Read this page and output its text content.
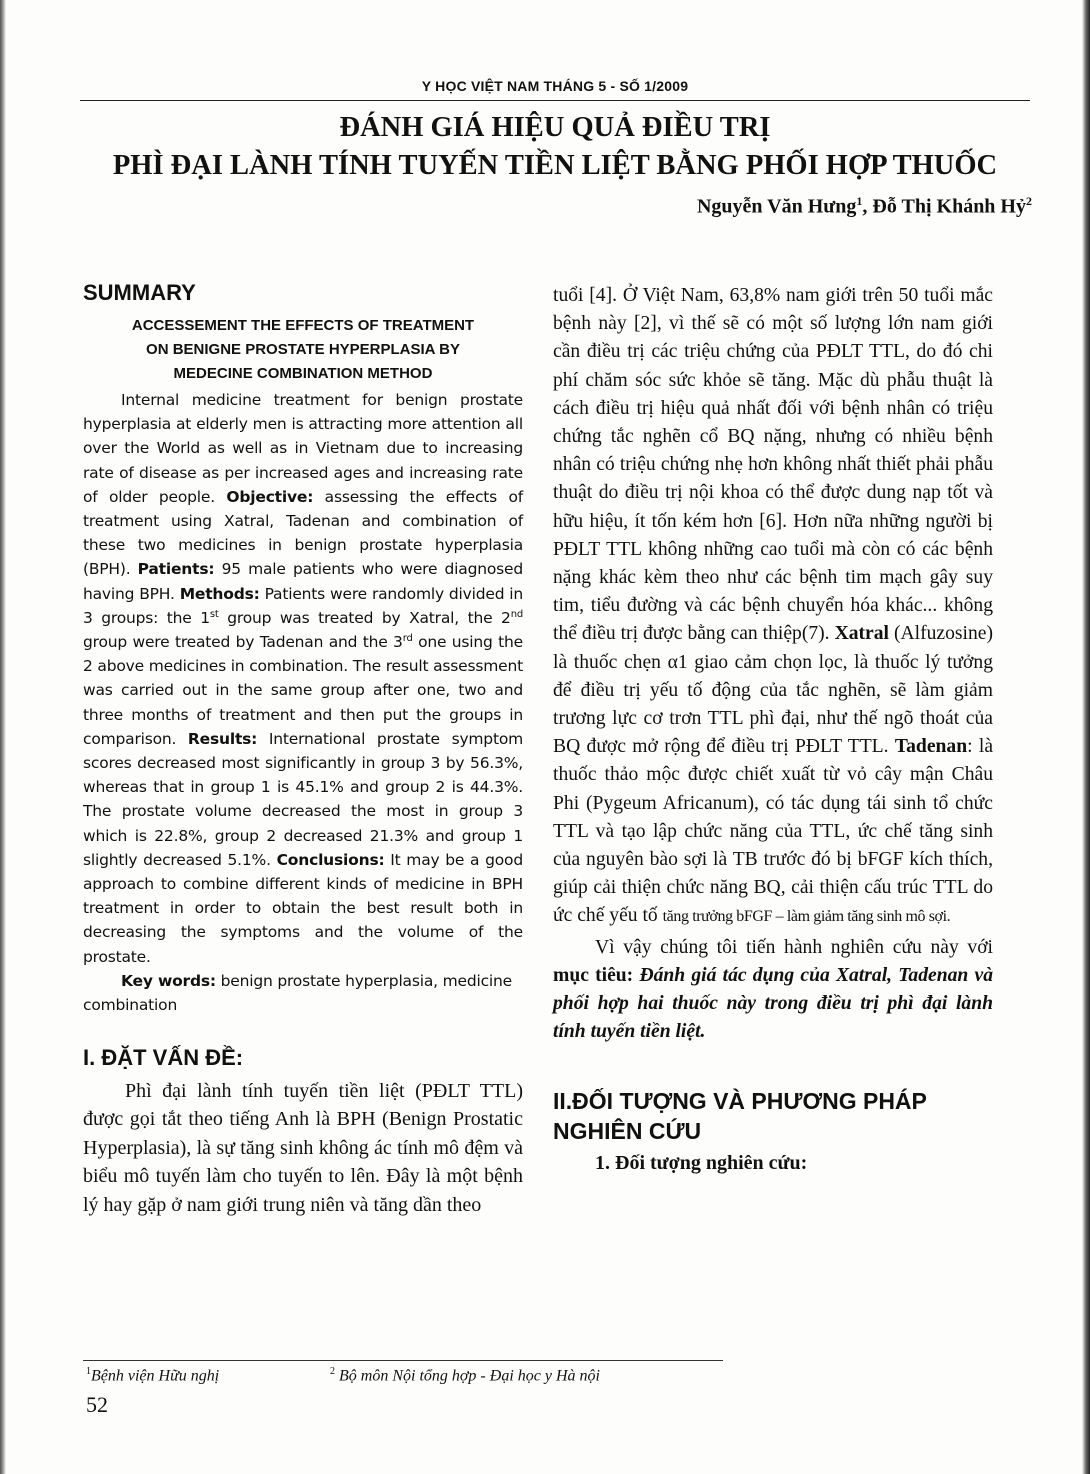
Y HỌC VIỆT NAM THÁNG 5 - SỐ 1/2009
ĐÁNH GIÁ HIỆU QUẢ ĐIỀU TRỊ
PHÌ ĐẠI LÀNH TÍNH TUYẾN TIỀN LIỆT BẰNG PHỐI HỢP THUỐC
Nguyễn Văn Hưng$^1$, Đỗ Thị Khánh Hỷ$^2$
SUMMARY
ACCESSEMENT THE EFFECTS OF TREATMENT
ON BENIGNE PROSTATE HYPERPLASIA BY
MEDECINE COMBINATION METHOD
Internal medicine treatment for benign prostate hyperplasia at elderly men is attracting more attention all over the World as well as in Vietnam due to increasing rate of disease as per increased ages and increasing rate of older people. Objective: assessing the effects of treatment using Xatral, Tadenan and combination of these two medicines in benign prostate hyperplasia (BPH). Patients: 95 male patients who were diagnosed having BPH. Methods: Patients were randomly divided in 3 groups: the 1st group was treated by Xatral, the 2nd group were treated by Tadenan and the 3rd one using the 2 above medicines in combination. The result assessment was carried out in the same group after one, two and three months of treatment and then put the groups in comparison. Results: International prostate symptom scores decreased most significantly in group 3 by 56.3%, whereas that in group 1 is 45.1% and group 2 is 44.3%. The prostate volume decreased the most in group 3 which is 22.8%, group 2 decreased 21.3% and group 1 slightly decreased 5.1%. Conclusions: It may be a good approach to combine different kinds of medicine in BPH treatment in order to obtain the best result both in decreasing the symptoms and the volume of the prostate.
Key words: benign prostate hyperplasia, medicine combination
I. ĐẶT VẤN ĐỀ:
Phì đại lành tính tuyến tiền liệt (PĐLT TTL) được gọi tắt theo tiếng Anh là BPH (Benign Prostatic Hyperplasia), là sự tăng sinh không ác tính mô đệm và biểu mô tuyến làm cho tuyến to lên. Đây là một bệnh lý hay gặp ở nam giới trung niên và tăng dần theo
tuổi [4]. Ở Việt Nam, 63,8% nam giới trên 50 tuổi mắc bệnh này [2], vì thế sẽ có một số lượng lớn nam giới cần điều trị các triệu chứng của PĐLT TTL, do đó chi phí chăm sóc sức khỏe sẽ tăng. Mặc dù phẫu thuật là cách điều trị hiệu quả nhất đối với bệnh nhân có triệu chứng tắc nghẽn cổ BQ nặng, nhưng có nhiều bệnh nhân có triệu chứng nhẹ hơn không nhất thiết phải phẫu thuật do điều trị nội khoa có thể được dung nạp tốt và hữu hiệu, ít tốn kém hơn [6]. Hơn nữa những người bị PĐLT TTL không những cao tuổi mà còn có các bệnh nặng khác kèm theo như các bệnh tim mạch gây suy tim, tiểu đường và các bệnh chuyển hóa khác... không thể điều trị được bằng can thiệp(7). Xatral (Alfuzosine) là thuốc chẹn α1 giao cảm chọn lọc, là thuốc lý tưởng để điều trị yếu tố động của tắc nghẽn, sẽ làm giảm trương lực cơ trơn TTL phì đại, như thế ngõ thoát của BQ được mở rộng để điều trị PĐLT TTL. Tadenan: là thuốc thảo mộc được chiết xuất từ vỏ cây mận Châu Phi (Pygeum Africanum), có tác dụng tái sinh tổ chức TTL và tạo lập chức năng của TTL, ức chế tăng sinh của nguyên bào sợi là TB trước đó bị bFGF kích thích, giúp cải thiện chức năng BQ, cải thiện cấu trúc TTL do ức chế yếu tố tăng trưởng bFGF – làm giảm tăng sinh mô sợi.
Vì vậy chúng tôi tiến hành nghiên cứu này với mục tiêu: Đánh giá tác dụng của Xatral, Tadenan và phối hợp hai thuốc này trong điều trị phì đại lành tính tuyến tiền liệt.
II.ĐỐI TƯỢNG VÀ PHƯƠNG PHÁP NGHIÊN CỨU
1. Đối tượng nghiên cứu:
$^1$Bệnh viện Hữu nghị	$^2$ Bộ môn Nội tổng hợp - Đại học y Hà nội
52
